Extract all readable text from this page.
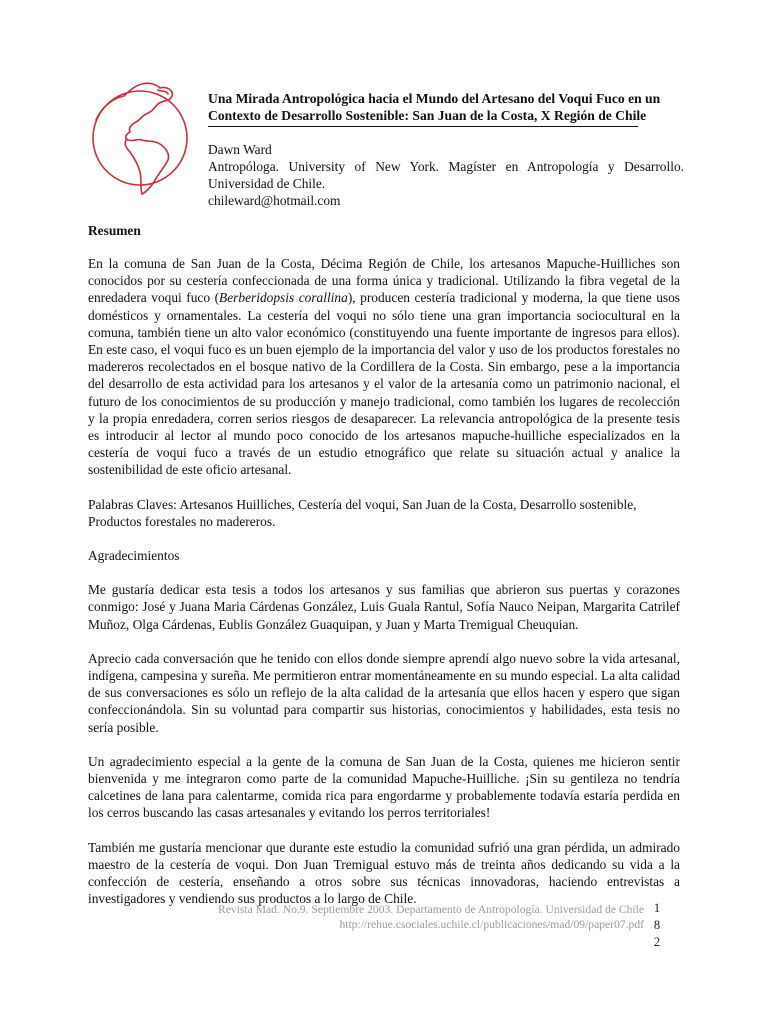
Una Mirada Antropológica hacia el Mundo del Artesano del Voqui Fuco en un
Contexto de Desarrollo Sostenible: San Juan de la Costa, X Región de Chile
Dawn Ward
Antropóloga. University of New York. Magíster en Antropología y Desarrollo.
Universidad de Chile.
chileward@hotmail.com
Resumen

En la comuna de San Juan de la Costa, Décima Región de Chile, los artesanos Mapuche-Huilliches son conocidos por su cestería confeccionada de una forma única y tradicional. Utilizando la fibra vegetal de la enredadera voqui fuco (Berberidopsis corallina), producen cestería tradicional y moderna, la que tiene usos domésticos y ornamentales. La cestería del voqui no sólo tiene una gran importancia sociocultural en la comuna, también tiene un alto valor económico (constituyendo una fuente importante de ingresos para ellos). En este caso, el voqui fuco es un buen ejemplo de la importancia del valor y uso de los productos forestales no madereros recolectados en el bosque nativo de la Cordillera de la Costa. Sin embargo, pese a la importancia del desarrollo de esta actividad para los artesanos y el valor de la artesanía como un patrimonio nacional, el futuro de los conocimientos de su producción y manejo tradicional, como también los lugares de recolección y la propia enredadera, corren serios riesgos de desaparecer. La relevancia antropológica de la presente tesis es introducir al lector al mundo poco conocido de los artesanos mapuche-huilliche especializados en la cestería de voqui fuco a través de un estudio etnográfico que relate su situación actual y analice la sostenibilidad de este oficio artesanal.

Palabras Claves: Artesanos Huilliches, Cestería del voqui, San Juan de la Costa, Desarrollo sostenible, Productos forestales no madereros.

Agradecimientos

Me gustaría dedicar esta tesis a todos los artesanos y sus familias que abrieron sus puertas y corazones conmigo: José y Juana Maria Cárdenas González, Luis Guala Rantul, Sofía Nauco Neipan, Margarita Catrilef Muñoz, Olga Cárdenas, Eublis González Guaquipan, y Juan y Marta Tremigual Cheuquian.

Aprecio cada conversación que he tenido con ellos donde siempre aprendí algo nuevo sobre la vida artesanal, indígena, campesina y sureña. Me permitieron entrar momentáneamente en su mundo especial. La alta calidad de sus conversaciones es sólo un reflejo de la alta calidad de la artesanía que ellos hacen y espero que sigan confeccionándola. Sin su voluntad para compartir sus historias, conocimientos y habilidades, esta tesis no sería posible.

Un agradecimiento especial a la gente de la comuna de San Juan de la Costa, quienes me hicieron sentir bienvenida y me integraron como parte de la comunidad Mapuche-Huilliche. ¡Sin su gentileza no tendría calcetines de lana para calentarme, comida rica para engordarme y probablemente todavía estaría perdida en los cerros buscando las casas artesanales y evitando los perros territoriales!

También me gustaría mencionar que durante este estudio la comunidad sufrió una gran pérdida, un admirado maestro de la cestería de voqui. Don Juan Tremigual estuvo más de treinta años dedicando su vida a la confección de cestería, enseñando a otros sobre sus técnicas innovadoras, haciendo entrevistas a investigadores y vendiendo sus productos a lo largo de Chile.

Revista Mad. No.9. Septiembre 2003. Departamento de Antropología. Universidad de Chile
http://rehue.csociales.uchile.cl/publicaciones/mad/09/paper07.pdf
1
8
2
